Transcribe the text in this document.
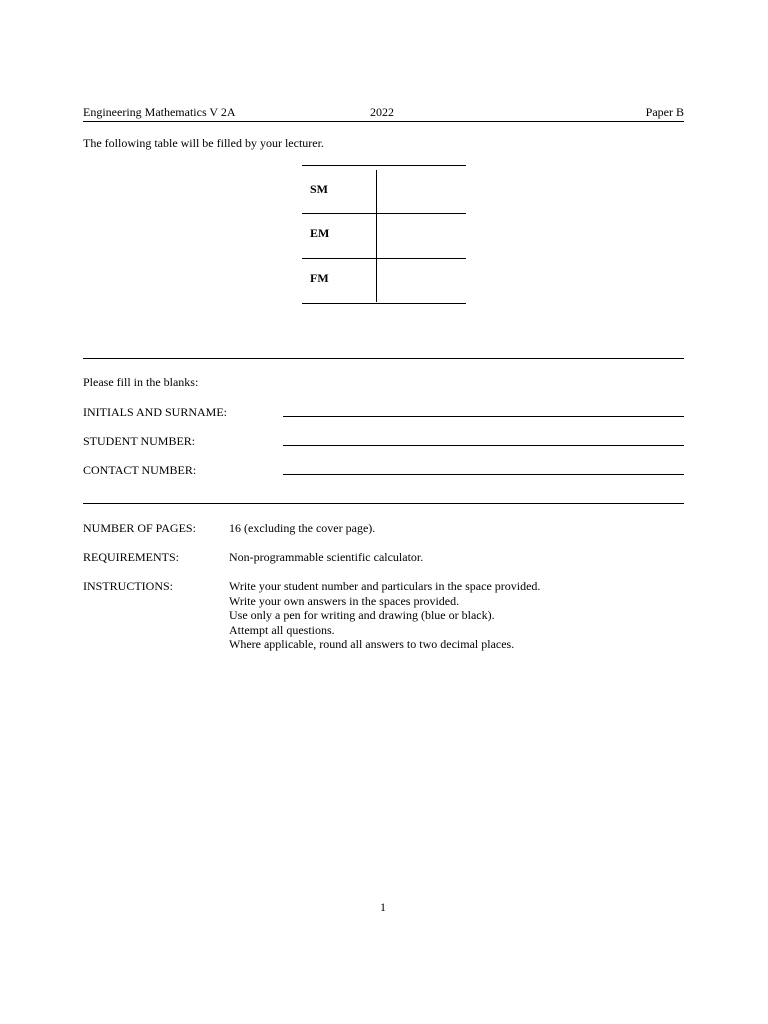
Engineering Mathematics V 2A	2022	Paper B
The following table will be filled by your lecturer.
SM
EM
FM
Please fill in the blanks:
INITIALS AND SURNAME:
STUDENT NUMBER:
CONTACT NUMBER:
NUMBER OF PAGES:	16 (excluding the cover page).
REQUIREMENTS:	Non-programmable scientific calculator.
INSTRUCTIONS:	Write your student number and particulars in the space provided.
Write your own answers in the spaces provided.
Use only a pen for writing and drawing (blue or black).
Attempt all questions.
Where applicable, round all answers to two decimal places.
1
